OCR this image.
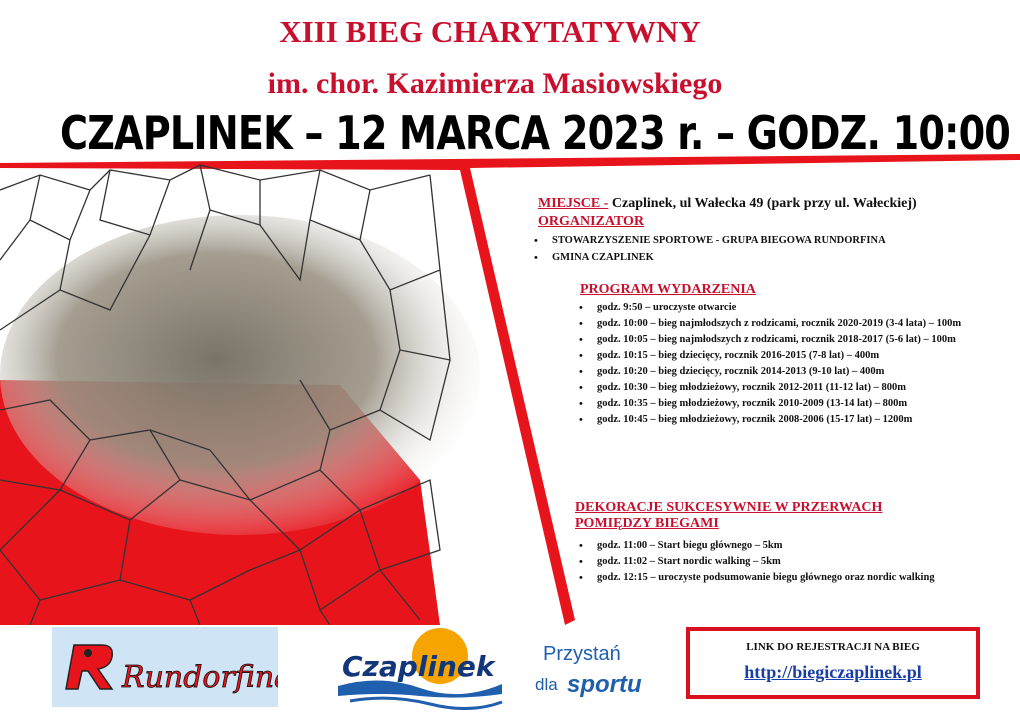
XIII BIEG CHARYTATYWNY
im. chor. Kazimierza Masiowskiego
CZAPLINEK – 12 MARCA 2023 r. – GODZ. 10:00
MIEJSCE - Czaplinek, ul Wałecka 49 (park przy ul. Wałeckiej)
ORGANIZATOR
• STOWARZYSZENIE SPORTOWE - GRUPA BIEGOWA RUNDORFINA
• GMINA CZAPLINEK
PROGRAM WYDARZENIA
• godz. 9:50 – uroczyste otwarcie
• godz. 10:00 – bieg najmłodszych z rodzicami, rocznik 2020-2019 (3-4 lata) – 100m
• godz. 10:05 – bieg najmłodszych z rodzicami, rocznik 2018-2017 (5-6 lat) – 100m
• godz. 10:15 – bieg dziecięcy, rocznik 2016-2015 (7-8 lat) – 400m
• godz. 10:20 – bieg dziecięcy, rocznik 2014-2013 (9-10 lat) – 400m
• godz. 10:30 – bieg młodzieżowy, rocznik 2012-2011 (11-12 lat) – 800m
• godz. 10:35 – bieg młodzieżowy, rocznik 2010-2009 (13-14 lat) – 800m
• godz. 10:45 – bieg młodzieżowy, rocznik 2008-2006 (15-17 lat) – 1200m
DEKORACJE SUKCESYWNIE W PRZERWACH
POMIĘDZY BIEGAMI
• godz. 11:00 – Start biegu głównego – 5km
• godz. 11:02 – Start nordic walking – 5km
• godz. 12:15 – uroczyste podsumowanie biegu głównego oraz nordic walking
Rundorfina Czaplinek Przystań
dla sportu
LINK DO REJESTRACJI NA BIEG
http://biegiczaplinek.pl
